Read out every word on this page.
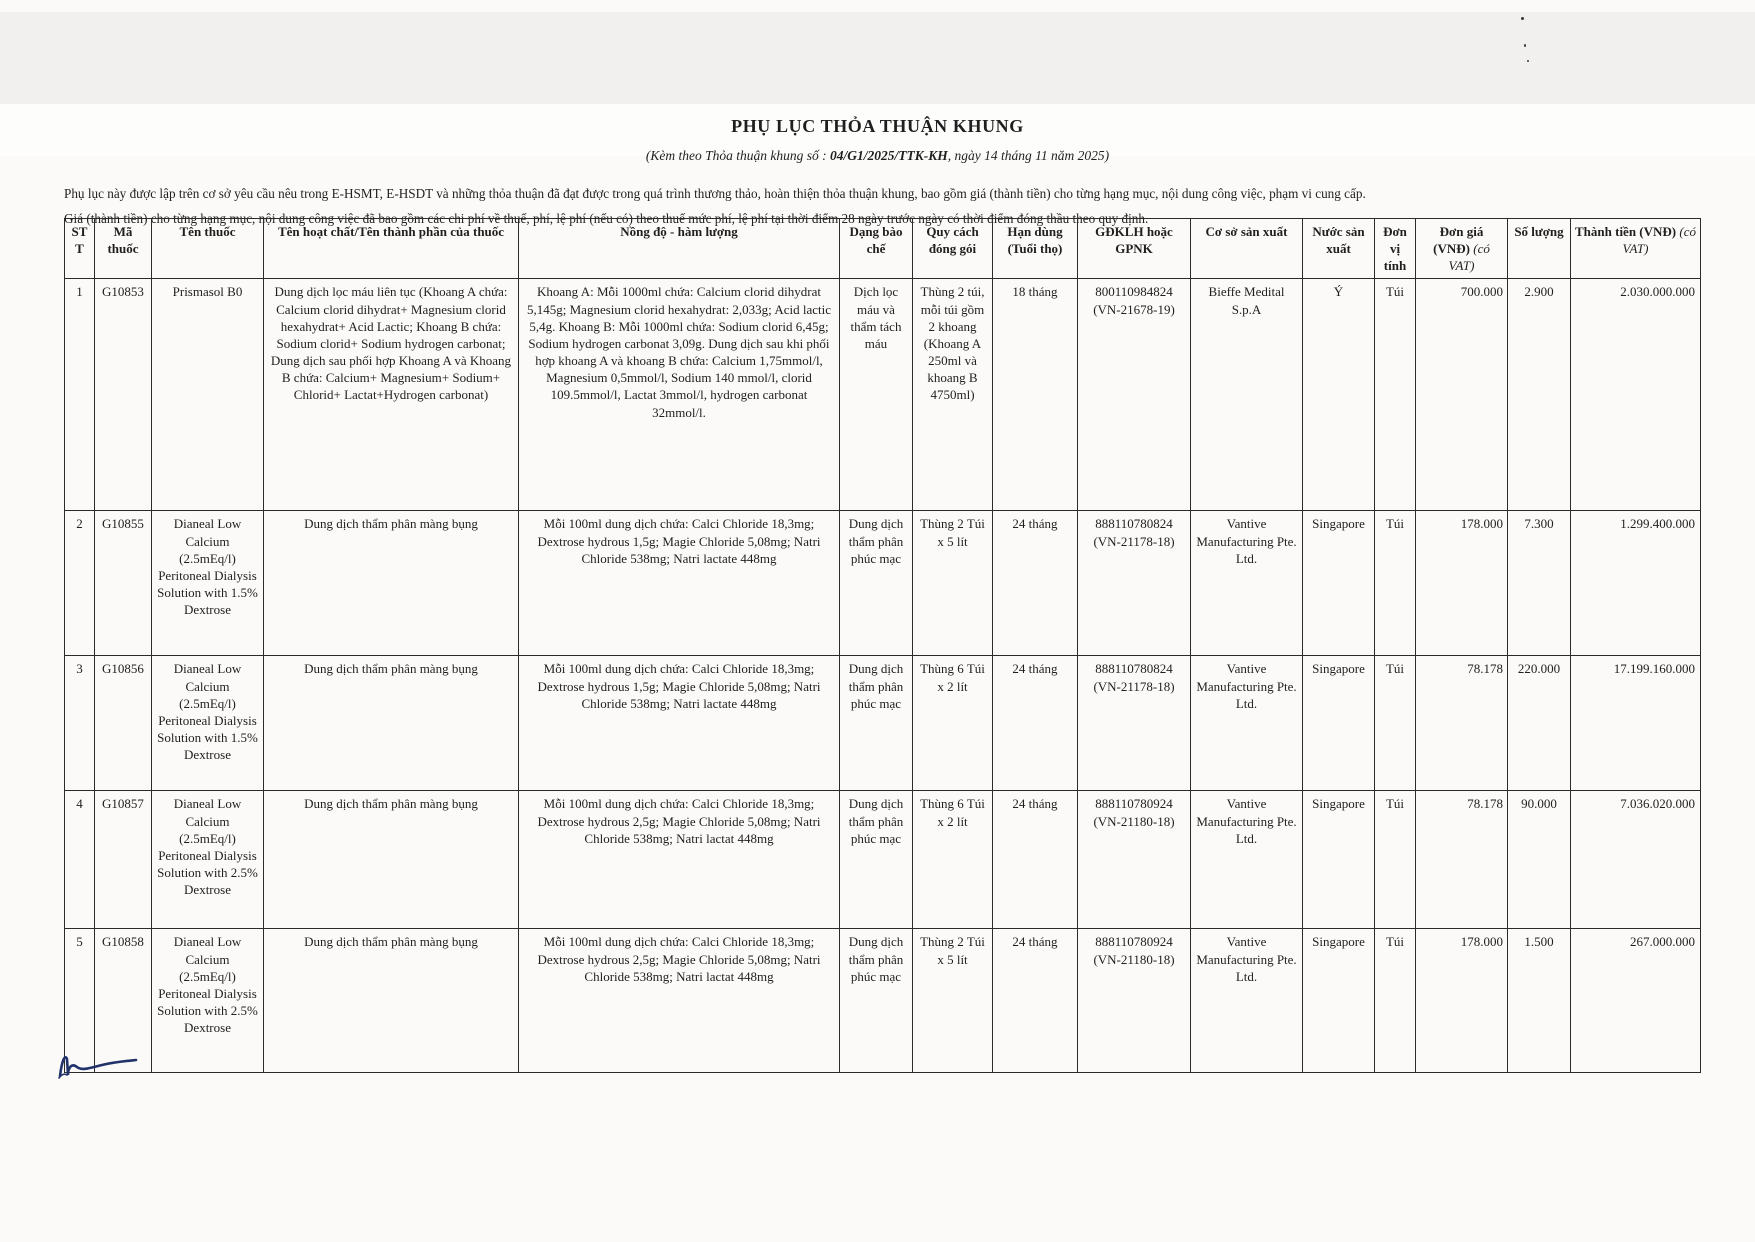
PHỤ LỤC THỎA THUẬN KHUNG
(Kèm theo Thỏa thuận khung số : 04/G1/2025/TTK-KH, ngày 14 tháng 11 năm 2025)
Phụ lục này được lập trên cơ sở yêu cầu nêu trong E-HSMT, E-HSDT và những thỏa thuận đã đạt được trong quá trình thương thảo, hoàn thiện thỏa thuận khung, bao gồm giá (thành tiền) cho từng hạng mục, nội dung công việc, phạm vi cung cấp.
Giá (thành tiền) cho từng hạng mục, nội dung công việc đã bao gồm các chi phí về thuế, phí, lệ phí (nếu có) theo thuế mức phí, lệ phí tại thời điểm 28 ngày trước ngày có thời điểm đóng thầu theo quy định.
STT	Mã thuốc	Tên thuốc	Tên hoạt chất/Tên thành phần của thuốc	Nồng độ - hàm lượng	Dạng bào chế	Quy cách đóng gói	Hạn dùng (Tuổi thọ)	GĐKLH hoặc GPNK	Cơ sở sản xuất	Nước sản xuất	Đơn vị tính	Đơn giá (VNĐ) (có VAT)	Số lượng	Thành tiền (VNĐ) (có VAT)
1	G10853	Prismasol B0	Dung dịch lọc máu liên tục (Khoang A chứa: Calcium clorid dihydrat+ Magnesium clorid hexahydrat+ Acid Lactic; Khoang B chứa: Sodium clorid+ Sodium hydrogen carbonat; Dung dịch sau phối hợp Khoang A và Khoang B chứa: Calcium+ Magnesium+ Sodium+ Chlorid+ Lactat+Hydrogen carbonat)	Khoang A: Mỗi 1000ml chứa: Calcium clorid dihydrat 5,145g; Magnesium clorid hexahydrat: 2,033g; Acid lactic 5,4g. Khoang B: Mỗi 1000ml chứa: Sodium clorid 6,45g; Sodium hydrogen carbonat 3,09g. Dung dịch sau khi phối hợp khoang A và khoang B chứa: Calcium 1,75mmol/l, Magnesium 0,5mmol/l, Sodium 140 mmol/l, clorid 109.5mmol/l, Lactat 3mmol/l, hydrogen carbonat 32mmol/l.	Dịch lọc máu và thẩm tách máu	Thùng 2 túi, mỗi túi gồm 2 khoang (Khoang A 250ml và khoang B 4750ml)	18 tháng	800110984824 (VN-21678-19)	Bieffe Medital S.p.A	Ý	Túi	700.000	2.900	2.030.000.000
2	G10855	Dianeal Low Calcium (2.5mEq/l) Peritoneal Dialysis Solution with 1.5% Dextrose	Dung dịch thẩm phân màng bụng	Mỗi 100ml dung dịch chứa: Calci Chloride 18,3mg; Dextrose hydrous 1,5g; Magie Chloride 5,08mg; Natri Chloride 538mg; Natri lactate 448mg	Dung dịch thẩm phân phúc mạc	Thùng 2 Túi x 5 lít	24 tháng	888110780824 (VN-21178-18)	Vantive Manufacturing Pte. Ltd.	Singapore	Túi	178.000	7.300	1.299.400.000
3	G10856	Dianeal Low Calcium (2.5mEq/l) Peritoneal Dialysis Solution with 1.5% Dextrose	Dung dịch thẩm phân màng bụng	Mỗi 100ml dung dịch chứa: Calci Chloride 18,3mg; Dextrose hydrous 1,5g; Magie Chloride 5,08mg; Natri Chloride 538mg; Natri lactate 448mg	Dung dịch thẩm phân phúc mạc	Thùng 6 Túi x 2 lít	24 tháng	888110780824 (VN-21178-18)	Vantive Manufacturing Pte. Ltd.	Singapore	Túi	78.178	220.000	17.199.160.000
4	G10857	Dianeal Low Calcium (2.5mEq/l) Peritoneal Dialysis Solution with 2.5% Dextrose	Dung dịch thẩm phân màng bụng	Mỗi 100ml dung dịch chứa: Calci Chloride 18,3mg; Dextrose hydrous 2,5g; Magie Chloride 5,08mg; Natri Chloride 538mg; Natri lactat 448mg	Dung dịch thẩm phân phúc mạc	Thùng 6 Túi x 2 lít	24 tháng	888110780924 (VN-21180-18)	Vantive Manufacturing Pte. Ltd.	Singapore	Túi	78.178	90.000	7.036.020.000
5	G10858	Dianeal Low Calcium (2.5mEq/l) Peritoneal Dialysis Solution with 2.5% Dextrose	Dung dịch thẩm phân màng bụng	Mỗi 100ml dung dịch chứa: Calci Chloride 18,3mg; Dextrose hydrous 2,5g; Magie Chloride 5,08mg; Natri Chloride 538mg; Natri lactat 448mg	Dung dịch thẩm phân phúc mạc	Thùng 2 Túi x 5 lít	24 tháng	888110780924 (VN-21180-18)	Vantive Manufacturing Pte. Ltd.	Singapore	Túi	178.000	1.500	267.000.000
